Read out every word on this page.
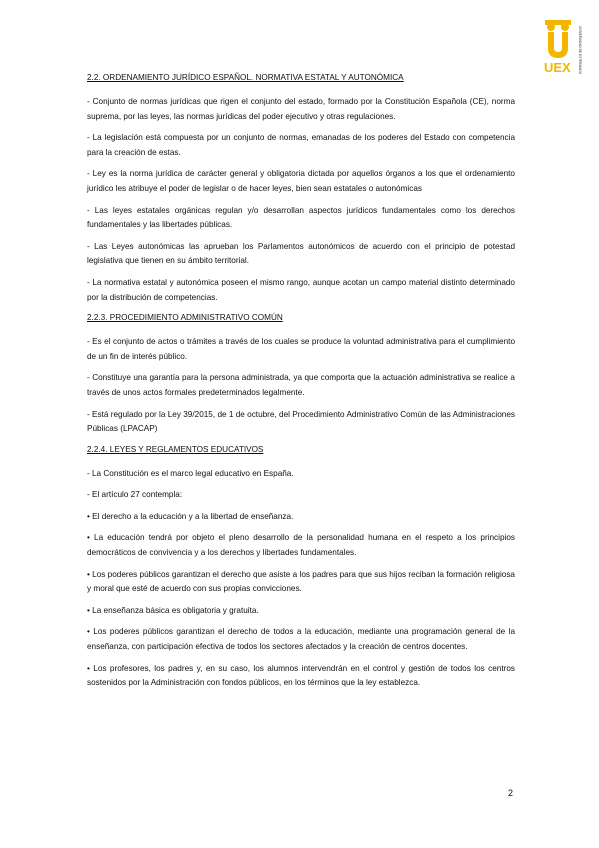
UEX UNIVERSIDAD DE EXTREMADURA
2.2. ORDENAMIENTO JURÍDICO ESPAÑOL. NORMATIVA ESTATAL Y AUTONÓMICA
- Conjunto de normas jurídicas que rigen el conjunto del estado, formado por la Constitución Española (CE), norma suprema, por las leyes, las normas jurídicas del poder ejecutivo y otras regulaciones.
- La legislación está compuesta por un conjunto de normas, emanadas de los poderes del Estado con competencia para la creación de estas.
- Ley es la norma jurídica de carácter general y obligatoria dictada por aquellos órganos a los que el ordenamiento jurídico les atribuye el poder de legislar o de hacer leyes, bien sean estatales o autonómicas
- Las leyes estatales orgánicas regulan y/o desarrollan aspectos jurídicos fundamentales como los derechos fundamentales y las libertades públicas.
- Las Leyes autonómicas las aprueban los Parlamentos autonómicos de acuerdo con el principio de potestad legislativa que tienen en su ámbito territorial.
- La normativa estatal y autonómica poseen el mismo rango, aunque acotan un campo material distinto determinado por la distribución de competencias.
2.2.3. PROCEDIMIENTO ADMINISTRATIVO COMÚN
- Es el conjunto de actos o trámites a través de los cuales se produce la voluntad administrativa para el cumplimiento de un fin de interés público.
- Constituye una garantía para la persona administrada, ya que comporta que la actuación administrativa se realice a través de unos actos formales predeterminados legalmente.
- Está regulado por la Ley 39/2015, de 1 de octubre, del Procedimiento Administrativo Común de las Administraciones Públicas (LPACAP)
2.2.4. LEYES Y REGLAMENTOS EDUCATIVOS
- La Constitución es el marco legal educativo en España.
- El artículo 27 contempla:
• El derecho a la educación y a la libertad de enseñanza.
• La educación tendrá por objeto el pleno desarrollo de la personalidad humana en el respeto a los principios democráticos de convivencia y a los derechos y libertades fundamentales.
• Los poderes públicos garantizan el derecho que asiste a los padres para que sus hijos reciban la formación religiosa y moral que esté de acuerdo con sus propias convicciones.
• La enseñanza básica es obligatoria y gratuita.
• Los poderes públicos garantizan el derecho de todos a la educación, mediante una programación general de la enseñanza, con participación efectiva de todos los sectores afectados y la creación de centros docentes.
• Los profesores, los padres y, en su caso, los alumnos intervendrán en el control y gestión de todos los centros sostenidos por la Administración con fondos públicos, en los términos que la ley establezca.
2
